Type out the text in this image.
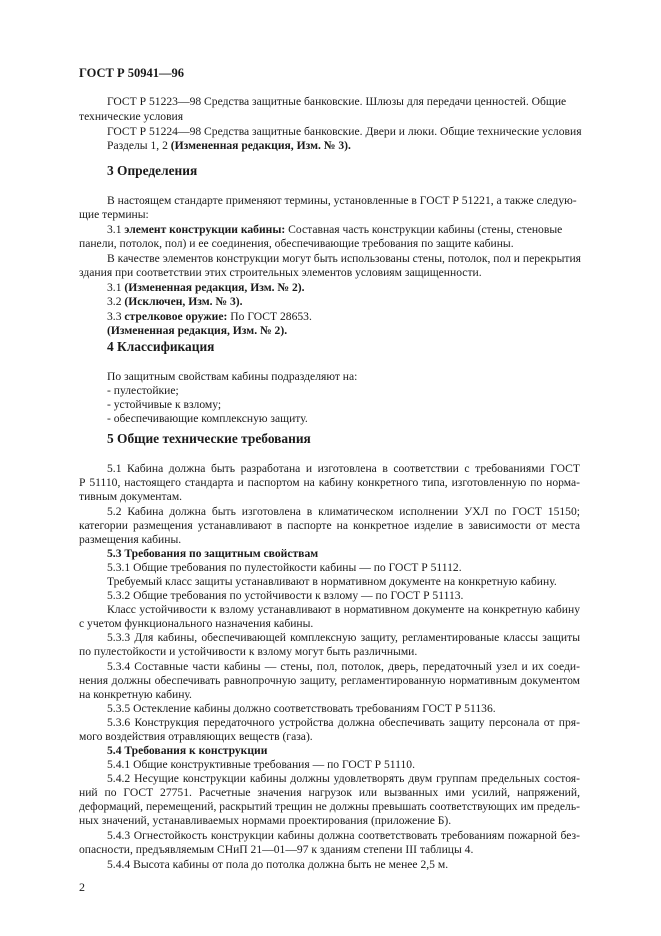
ГОСТ Р 50941—96
ГОСТ Р 51223—98 Средства защитные банковские. Шлюзы для передачи ценностей. Общие
технические условия
ГОСТ Р 51224—98 Средства защитные банковские. Двери и люки. Общие технические условия
Разделы 1, 2 (Измененная редакция, Изм. № 3).
3 Определения
В настоящем стандарте применяют термины, установленные в ГОСТ Р 51221, а также следую-
щие термины:
3.1 элемент конструкции кабины: Составная часть конструкции кабины (стены, стеновые
панели, потолок, пол) и ее соединения, обеспечивающие требования по защите кабины.
В качестве элементов конструкции могут быть использованы стены, потолок, пол и перекрытия
здания при соответствии этих строительных элементов условиям защищенности.
3.1 (Измененная редакция, Изм. № 2).
3.2 (Исключен, Изм. № 3).
3.3 стрелковое оружие: По ГОСТ 28653.
(Измененная редакция, Изм. № 2).
4 Классификация
По защитным свойствам кабины подразделяют на:
- пулестойкие;
- устойчивые к взлому;
- обеспечивающие комплексную защиту.
5 Общие технические требования
5.1 Кабина должна быть разработана и изготовлена в соответствии с требованиями ГОСТ
Р 51110, настоящего стандарта и паспортом на кабину конкретного типа, изготовленную по норма-
тивным документам.
5.2 Кабина должна быть изготовлена в климатическом исполнении УХЛ по ГОСТ 15150;
категории размещения устанавливают в паспорте на конкретное изделие в зависимости от места
размещения кабины.
5.3 Требования по защитным свойствам
5.3.1 Общие требования по пулестойкости кабины — по ГОСТ Р 51112.
Требуемый класс защиты устанавливают в нормативном документе на конкретную кабину.
5.3.2 Общие требования по устойчивости к взлому — по ГОСТ Р 51113.
Класс устойчивости к взлому устанавливают в нормативном документе на конкретную кабину
с учетом функционального назначения кабины.
5.3.3 Для кабины, обеспечивающей комплексную защиту, регламентированые классы защиты
по пулестойкости и устойчивости к взлому могут быть различными.
5.3.4 Составные части кабины — стены, пол, потолок, дверь, передаточный узел и их соеди-
нения должны обеспечивать равнопрочную защиту, регламентированную нормативным документом
на конкретную кабину.
5.3.5 Остекление кабины должно соответствовать требованиям ГОСТ Р 51136.
5.3.6 Конструкция передаточного устройства должна обеспечивать защиту персонала от пря-
мого воздействия отравляющих веществ (газа).
5.4 Требования к конструкции
5.4.1 Общие конструктивные требования — по ГОСТ Р 51110.
5.4.2 Несущие конструкции кабины должны удовлетворять двум группам предельных состоя-
ний по ГОСТ 27751. Расчетные значения нагрузок или вызванных ими усилий, напряжений,
деформаций, перемещений, раскрытий трещин не должны превышать соответствующих им предель-
ных значений, устанавливаемых нормами проектирования (приложение Б).
5.4.3 Огнестойкость конструкции кабины должна соответствовать требованиям пожарной без-
опасности, предъявляемым СНиП 21—01—97 к зданиям степени III таблицы 4.
5.4.4 Высота кабины от пола до потолка должна быть не менее 2,5 м.
2
